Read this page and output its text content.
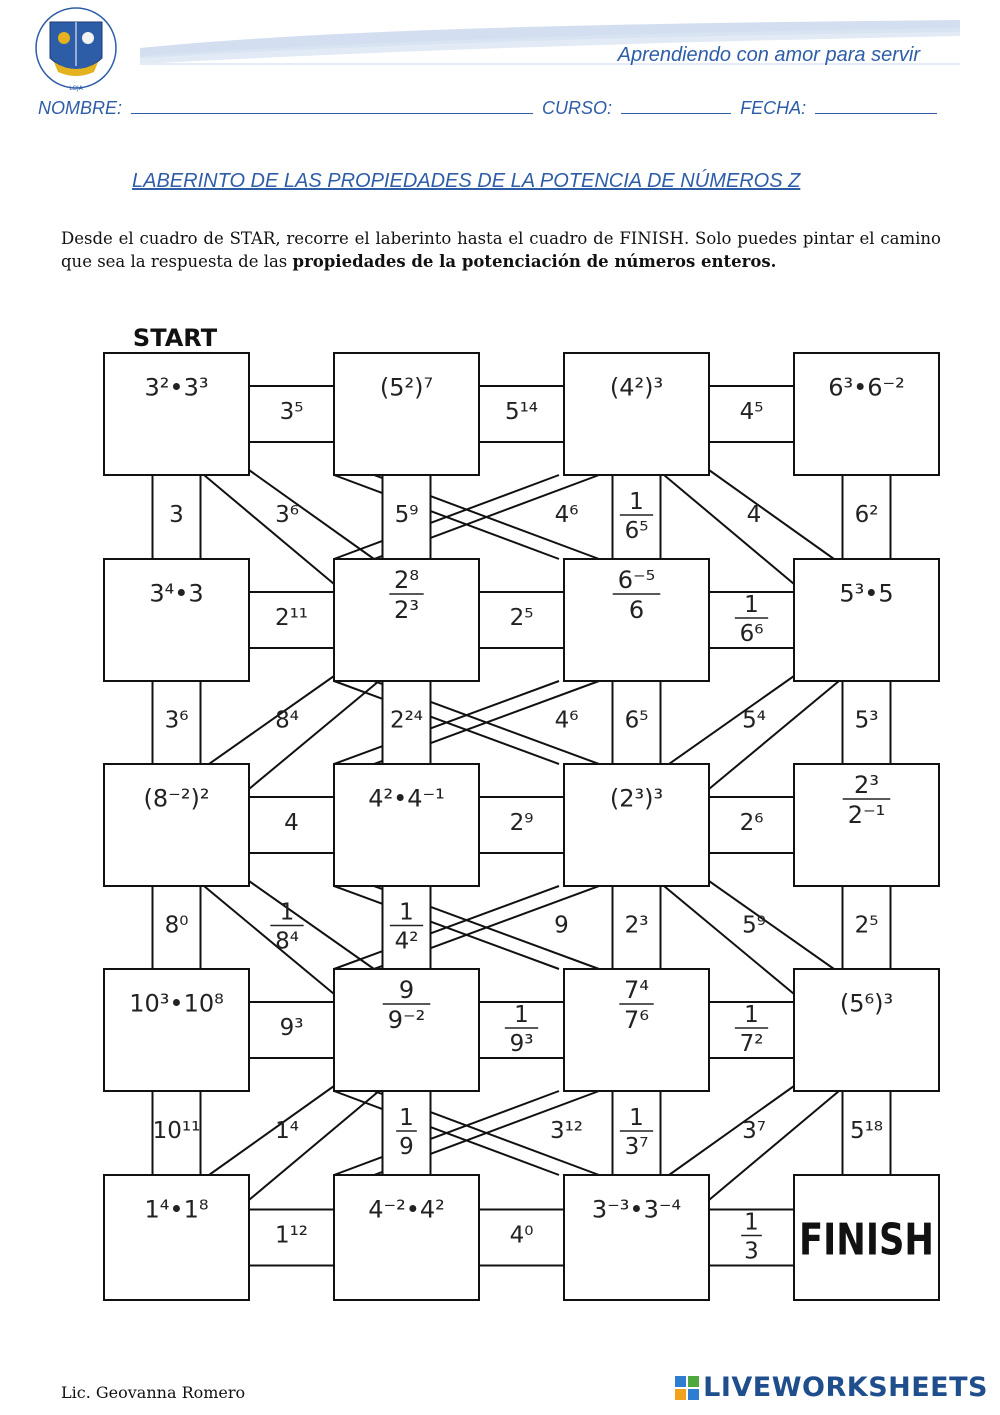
LOJA
Aprendiendo con amor para servir
NOMBRE:	CURSO:	FECHA:
LABERINTO DE LAS PROPIEDADES DE LA POTENCIA DE NÚMEROS Z
Desde el cuadro de STAR, recorre el laberinto hasta el cuadro de FINISH. Solo puedes pintar el camino que sea la respuesta de las propiedades de la potenciación de números enteros.
START
3⁵	5¹⁴	4⁵
2¹¹	2⁵
1
6⁶
4	2⁹	2⁶
9³
1
9³
1
7²
1¹²	4⁰
1
3
3	5⁹
1
6⁵
6²
3⁶	2²⁴	6⁵	5³
8⁰
1
4²
2³	2⁵
10¹¹
1
9
1
3⁷
5¹⁸
3⁶	4⁶	4
8⁴	4⁶	5⁴
1
8⁴
9	5⁹
1⁴	3¹²	3⁷
3²•3³	(5²)⁷	(4²)³	6³•6⁻²
3⁴•3	2⁸
2³
6⁻⁵
6
5³•5
(8⁻²)²	4²•4⁻¹	(2³)³	2³
2⁻¹
10³•10⁸	9
9⁻²
7⁴
7⁶
(5⁶)³
1⁴•1⁸	4⁻²•4²	3⁻³•3⁻⁴
FINISH
Lic. Geovanna Romero	LIVEWORKSHEETS
